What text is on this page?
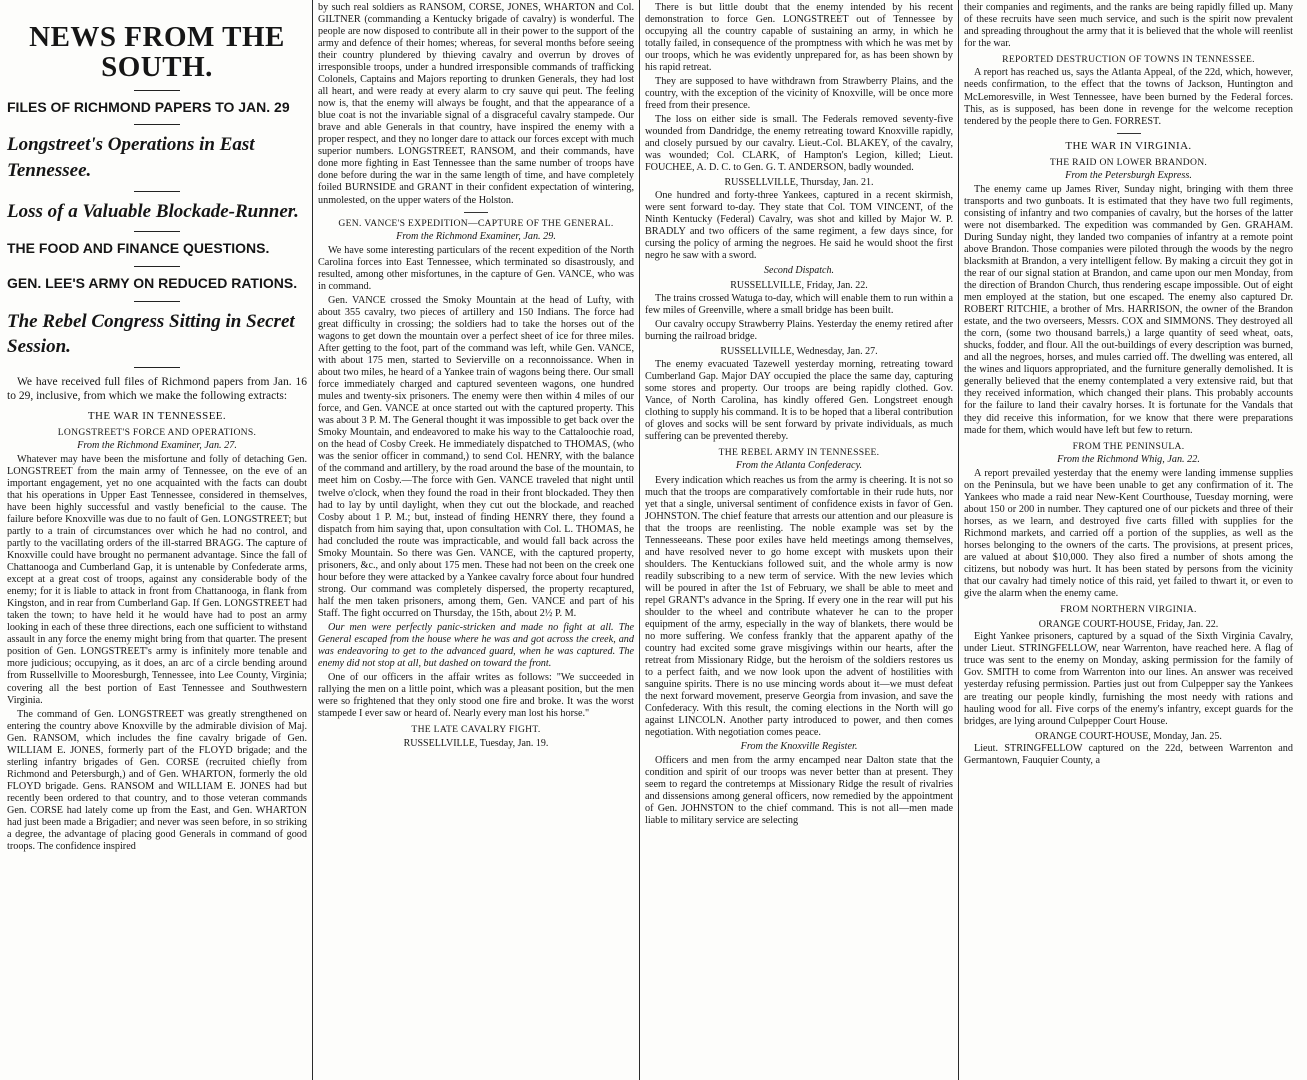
NEWS FROM THE SOUTH.
FILES OF RICHMOND PAPERS TO JAN. 29
Longstreet's Operations in East Tennessee.
Loss of a Valuable Blockade-Runner.
THE FOOD AND FINANCE QUESTIONS.
GEN. LEE'S ARMY ON REDUCED RATIONS.
The Rebel Congress Sitting in Secret Session.

We have received full files of Richmond papers from Jan. 16 to 29, inclusive, from which we make the following extracts:

THE WAR IN TENNESSEE.
LONGSTREET'S FORCE AND OPERATIONS.
From the Richmond Examiner, Jan. 27.

Whatever may have been the misfortune and folly of detaching Gen. LONGSTREET from the main army of Tennessee, on the eve of an important engagement, yet no one acquainted with the facts can doubt that his operations in Upper East Tennessee, considered in themselves, have been highly successful and vastly beneficial to the cause. The failure before Knoxville was due to no fault of Gen. LONGSTREET; but partly to a train of circumstances over which he had no control, and partly to the vacillating orders of the ill-starred BRAGG. The capture of Knoxville could have brought no permanent advantage. Since the fall of Chattanooga and Cumberland Gap, it is untenable by Confederate arms, except at a great cost of troops, against any considerable body of the enemy; for it is liable to attack in front from Chattanooga, in flank from Kingston, and in rear from Cumberland Gap. If Gen. LONGSTREET had taken the town; to have held it he would have had to post an army looking in each of these three directions, each one sufficient to withstand assault in any force the enemy might bring from that quarter. The present position of Gen. LONGSTREET's army is infinitely more tenable and more judicious; occupying, as it does, an arc of a circle bending around from Russellville to Mooresburgh, Tennessee, into Lee County, Virginia; covering all the best portion of East Tennessee and Southwestern Virginia.

The command of Gen. LONGSTREET was greatly strengthened on entering the country above Knoxville by the admirable division of Maj. Gen. RANSOM, which includes the fine cavalry brigade of Gen. WILLIAM E. JONES, formerly part of the FLOYD brigade; and the sterling infantry brigades of Gen. CORSE (recruited chiefly from Richmond and Petersburgh,) and of Gen. WHARTON, formerly the old FLOYD brigade. Gens. RANSOM and WILLIAM E. JONES had but recently been ordered to that country, and to those veteran commands Gen. CORSE had lately come up from the East, and Gen. WHARTON had just been made a Brigadier; and never was seen before, in so striking a degree, the advantage of placing good Generals in command of good troops. The confidence inspired

by such real soldiers as RANSOM, CORSE, JONES, WHARTON and Col. GILTNER (commanding a Kentucky brigade of cavalry) is wonderful. The people are now disposed to contribute all in their power to the support of the army and defence of their homes; whereas, for several months before seeing their country plundered by thieving cavalry and overrun by droves of irresponsible troops, under a hundred irresponsible commands of trafficking Colonels, Captains and Majors reporting to drunken Generals, they had lost all heart, and were ready at every alarm to cry sauve qui peut. The feeling now is, that the enemy will always be fought, and that the appearance of a blue coat is not the invariable signal of a disgraceful cavalry stampede. Our brave and able Generals in that country, have inspired the enemy with a proper respect, and they no longer dare to attack our forces except with much superior numbers. LONGSTREET, RANSOM, and their commands, have done more fighting in East Tennessee than the same number of troops have done before during the war in the same length of time, and have completely foiled BURNSIDE and GRANT in their confident expectation of wintering, unmolested, on the upper waters of the Holston.

GEN. VANCE'S EXPEDITION—CAPTURE OF THE GENERAL.
From the Richmond Examiner, Jan. 29.

We have some interesting particulars of the recent expedition of the North Carolina forces into East Tennessee, which terminated so disastrously, and resulted, among other misfortunes, in the capture of Gen. VANCE, who was in command.

Gen. VANCE crossed the Smoky Mountain at the head of Lufty, with about 355 cavalry, two pieces of artillery and 150 Indians. The force had great difficulty in crossing; the soldiers had to take the horses out of the wagons to get down the mountain over a perfect sheet of ice for three miles. After getting to the foot, part of the command was left, while Gen. VANCE, with about 175 men, started to Sevierville on a reconnoissance. When in about two miles, he heard of a Yankee train of wagons being there. Our small force immediately charged and captured seventeen wagons, one hundred mules and twenty-six prisoners. The enemy were then within 4 miles of our force, and Gen. VANCE at once started out with the captured property. This was about 3 P. M. The General thought it was impossible to get back over the Smoky Mountain, and endeavored to make his way to the Cattaloochie road, on the head of Cosby Creek. He immediately dispatched to THOMAS, (who was the senior officer in command,) to send Col. HENRY, with the balance of the command and artillery, by the road around the base of the mountain, to meet him on Cosby.—The force with Gen. VANCE traveled that night until twelve o'clock, when they found the road in their front blockaded. They then had to lay by until daylight, when they cut out the blockade, and reached Cosby about 1 P. M.; but, instead of finding HENRY there, they found a dispatch from him saying that, upon consultation with Col. L. THOMAS, he had concluded the route was impracticable, and would fall back across the Smoky Mountain. So there was Gen. VANCE, with the captured property, prisoners, &c., and only about 175 men. These had not been on the creek one hour before they were attacked by a Yankee cavalry force about four hundred strong. Our command was completely dispersed, the property recaptured, half the men taken prisoners, among them, Gen. VANCE and part of his Staff. The fight occurred on Thursday, the 15th, about 2½ P. M.

Our men were perfectly panic-stricken and made no fight at all. The General escaped from the house where he was and got across the creek, and was endeavoring to get to the advanced guard, when he was captured. The enemy did not stop at all, but dashed on toward the front.

One of our officers in the affair writes as follows: "We succeeded in rallying the men on a little point, which was a pleasant position, but the men were so frightened that they only stood one fire and broke. It was the worst stampede I ever saw or heard of. Nearly every man lost his horse."

THE LATE CAVALRY FIGHT.
RUSSELLVILLE, Tuesday, Jan. 19.

There is but little doubt that the enemy intended by his recent demonstration to force Gen. LONGSTREET out of Tennessee by occupying all the country capable of sustaining an army, in which he totally failed, in consequence of the promptness with which he was met by our troops, which he was evidently unprepared for, as has been shown by his rapid retreat.

They are supposed to have withdrawn from Strawberry Plains, and the country, with the exception of the vicinity of Knoxville, will be once more freed from their presence.

The loss on either side is small. The Federals removed seventy-five wounded from Dandridge, the enemy retreating toward Knoxville rapidly, and closely pursued by our cavalry. Lieut.-Col. BLAKEY, of the cavalry, was wounded; Col. CLARK, of Hampton's Legion, killed; Lieut. FOUCHEE, A. D. C. to Gen. G. T. ANDERSON, badly wounded.

RUSSELLVILLE, Thursday, Jan. 21.

One hundred and forty-three Yankees, captured in a recent skirmish, were sent forward to-day. They state that Col. TOM VINCENT, of the Ninth Kentucky (Federal) Cavalry, was shot and killed by Major W. P. BRADLY and two officers of the same regiment, a few days since, for cursing the policy of arming the negroes. He said he would shoot the first negro he saw with a sword.

Second Dispatch.
RUSSELLVILLE, Friday, Jan. 22.

The trains crossed Watuga to-day, which will enable them to run within a few miles of Greenville, where a small bridge has been built.

Our cavalry occupy Strawberry Plains. Yesterday the enemy retired after burning the railroad bridge.

RUSSELLVILLE, Wednesday, Jan. 27.

The enemy evacuated Tazewell yesterday morning, retreating toward Cumberland Gap. Major DAY occupied the place the same day, capturing some stores and property. Our troops are being rapidly clothed. Gov. Vance, of North Carolina, has kindly offered Gen. Longstreet enough clothing to supply his command. It is to be hoped that a liberal contribution of gloves and socks will be sent forward by private individuals, as much suffering can be prevented thereby.

THE REBEL ARMY IN TENNESSEE.
From the Atlanta Confederacy.

Every indication which reaches us from the army is cheering. It is not so much that the troops are comparatively comfortable in their rude huts, nor yet that a single, universal sentiment of confidence exists in favor of Gen. JOHNSTON. The chief feature that arrests our attention and our pleasure is that the troops are reenlisting. The noble example was set by the Tennesseeans. These poor exiles have held meetings among themselves, and have resolved never to go home except with muskets upon their shoulders. The Kentuckians followed suit, and the whole army is now readily subscribing to a new term of service. With the new levies which will be poured in after the 1st of February, we shall be able to meet and repel GRANT's advance in the Spring. If every one in the rear will put his shoulder to the wheel and contribute whatever he can to the proper equipment of the army, especially in the way of blankets, there would be no more suffering. We confess frankly that the apparent apathy of the country had excited some grave misgivings within our hearts, after the retreat from Missionary Ridge, but the heroism of the soldiers restores us to a perfect faith, and we now look upon the advent of hostilities with sanguine spirits. There is no use mincing words about it—we must defeat the next forward movement, preserve Georgia from invasion, and save the Confederacy. With this result, the coming elections in the North will go against LINCOLN. Another party introduced to power, and then comes negotiation. With negotiation comes peace.

From the Knoxville Register.

Officers and men from the army encamped near Dalton state that the condition and spirit of our troops was never better than at present. They seem to regard the contretemps at Missionary Ridge the result of rivalries and dissensions among general officers, now remedied by the appointment of Gen. JOHNSTON to the chief command. This is not all—men made liable to military service are selecting

their companies and regiments, and the ranks are being rapidly filled up. Many of these recruits have seen much service, and such is the spirit now prevalent and spreading throughout the army that it is believed that the whole will reenlist for the war.

REPORTED DESTRUCTION OF TOWNS IN TENNESSEE.

A report has reached us, says the Atlanta Appeal, of the 22d, which, however, needs confirmation, to the effect that the towns of Jackson, Huntington and McLemoresville, in West Tennessee, have been burned by the Federal forces. This, as is supposed, has been done in revenge for the welcome reception tendered by the people there to Gen. FORREST.

THE WAR IN VIRGINIA.
THE RAID ON LOWER BRANDON.
From the Petersburgh Express.

The enemy came up James River, Sunday night, bringing with them three transports and two gunboats. It is estimated that they have two full regiments, consisting of infantry and two companies of cavalry, but the horses of the latter were not disembarked. The expedition was commanded by Gen. GRAHAM. During Sunday night, they landed two companies of infantry at a remote point above Brandon. Those companies were piloted through the woods by the negro blacksmith at Brandon, a very intelligent fellow. By making a circuit they got in the rear of our signal station at Brandon, and came upon our men Monday, from the direction of Brandon Church, thus rendering escape impossible. Out of eight men employed at the station, but one escaped. The enemy also captured Dr. ROBERT RITCHIE, a brother of Mrs. HARRISON, the owner of the Brandon estate, and the two overseers, Messrs. COX and SIMMONS. They destroyed all the corn, (some two thousand barrels,) a large quantity of seed wheat, oats, shucks, fodder, and flour. All the out-buildings of every description was burned, and all the negroes, horses, and mules carried off. The dwelling was entered, all the wines and liquors appropriated, and the furniture generally demolished. It is generally believed that the enemy contemplated a very extensive raid, but that they received information, which changed their plans. This probably accounts for the failure to land their cavalry horses. It is fortunate for the Vandals that they did receive this information, for we know that there were preparations made for them, which would have left but few to return.

FROM THE PENINSULA.
From the Richmond Whig, Jan. 22.

A report prevailed yesterday that the enemy were landing immense supplies on the Peninsula, but we have been unable to get any confirmation of it. The Yankees who made a raid near New-Kent Courthouse, Tuesday morning, were about 150 or 200 in number. They captured one of our pickets and three of their horses, as we learn, and destroyed five carts filled with supplies for the Richmond markets, and carried off a portion of the supplies, as well as the horses belonging to the owners of the carts. The provisions, at present prices, are valued at about $10,000. They also fired a number of shots among the citizens, but nobody was hurt. It has been stated by persons from the vicinity that our cavalry had timely notice of this raid, yet failed to thwart it, or even to give the alarm when the enemy came.

FROM NORTHERN VIRGINIA.
ORANGE COURT-HOUSE, Friday, Jan. 22.

Eight Yankee prisoners, captured by a squad of the Sixth Virginia Cavalry, under Lieut. STRINGFELLOW, near Warrenton, have reached here. A flag of truce was sent to the enemy on Monday, asking permission for the family of Gov. SMITH to come from Warrenton into our lines. An answer was received yesterday refusing permission. Parties just out from Culpepper say the Yankees are treating our people kindly, furnishing the most needy with rations and hauling wood for all. Five corps of the enemy's infantry, except guards for the bridges, are lying around Culpepper Court House.

ORANGE COURT-HOUSE, Monday, Jan. 25.

Lieut. STRINGFELLOW captured on the 22d, between Warrenton and Germantown, Fauquier County, a
